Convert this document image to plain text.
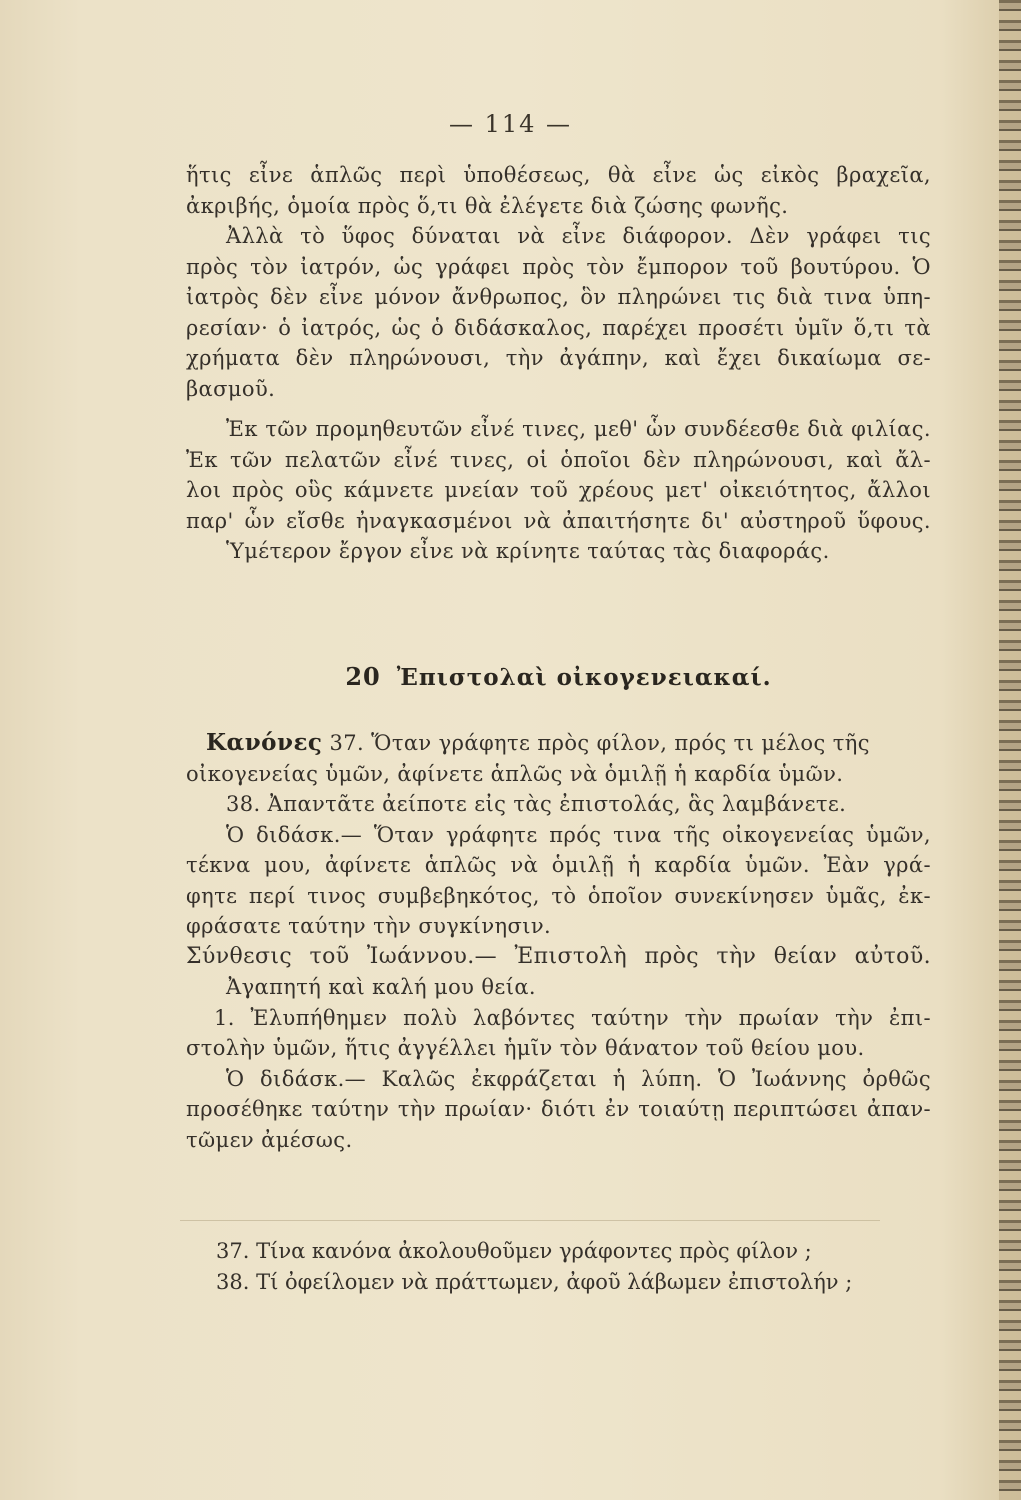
— 114 —
ἥτις εἶνε ἁπλῶς περὶ ὑποθέσεως, θὰ εἶνε ὡς εἰκὸς βραχεῖα,
ἀκριβής, ὁμοία πρὸς ὅ,τι θὰ ἐλέγετε διὰ ζώσης φωνῆς.
Ἀλλὰ τὸ ὕφος δύναται νὰ εἶνε διάφορον. Δὲν γράφει τις
πρὸς τὸν ἰατρόν, ὡς γράφει πρὸς τὸν ἔμπορον τοῦ βουτύρου. Ὁ
ἰατρὸς δὲν εἶνε μόνον ἄνθρωπος, ὃν πληρώνει τις διὰ τινα ὑπη-
ρεσίαν· ὁ ἰατρός, ὡς ὁ διδάσκαλος, παρέχει προσέτι ὑμῖν ὅ,τι τὰ
χρήματα δὲν πληρώνουσι, τὴν ἀγάπην, καὶ ἔχει δικαίωμα σε-
βασμοῦ.
Ἐκ τῶν προμηθευτῶν εἶνέ τινες, μεθ' ὧν συνδέεσθε διὰ φιλίας.
Ἐκ τῶν πελατῶν εἶνέ τινες, οἱ ὁποῖοι δὲν πληρώνουσι, καὶ ἄλ-
λοι πρὸς οὓς κάμνετε μνείαν τοῦ χρέους μετ' οἰκειότητος, ἄλλοι
παρ' ὧν εἴσθε ἠναγκασμένοι νὰ ἀπαιτήσητε δι' αὐστηροῦ ὕφους.
Ὑμέτερον ἔργον εἶνε νὰ κρίνητε ταύτας τὰς διαφοράς.
20 Ἐπιστολαὶ οἰκογενειακαί.
Κανόνες 37. Ὅταν γράφητε πρὸς φίλον, πρός τι μέλος τῆς
οἰκογενείας ὑμῶν, ἀφίνετε ἁπλῶς νὰ ὁμιλῇ ἡ καρδία ὑμῶν.
38. Ἀπαντᾶτε ἀείποτε εἰς τὰς ἐπιστολάς, ἃς λαμβάνετε.
Ὁ διδάσκ.— Ὅταν γράφητε πρός τινα τῆς οἰκογενείας ὑμῶν,
τέκνα μου, ἀφίνετε ἁπλῶς νὰ ὁμιλῇ ἡ καρδία ὑμῶν. Ἐὰν γρά-
φητε περί τινος συμβεβηκότος, τὸ ὁποῖον συνεκίνησεν ὑμᾶς, ἐκ-
φράσατε ταύτην τὴν συγκίνησιν.
Σύνθεσις τοῦ Ἰωάννου.— Ἐπιστολὴ πρὸς τὴν θείαν αὐτοῦ.
Ἀγαπητή καὶ καλή μου θεία.
1. Ἐλυπήθημεν πολὺ λαβόντες ταύτην τὴν πρωίαν τὴν ἐπι-
στολὴν ὑμῶν, ἥτις ἀγγέλλει ἡμῖν τὸν θάνατον τοῦ θείου μου.
Ὁ διδάσκ.— Καλῶς ἐκφράζεται ἡ λύπη. Ὁ Ἰωάννης ὀρθῶς
προσέθηκε ταύτην τὴν πρωίαν· διότι ἐν τοιαύτῃ περιπτώσει ἀπαν-
τῶμεν ἀμέσως.
37. Τίνα κανόνα ἀκολουθοῦμεν γράφοντες πρὸς φίλον ;
38. Τί ὀφείλομεν νὰ πράττωμεν, ἀφοῦ λάβωμεν ἐπιστολήν ;
